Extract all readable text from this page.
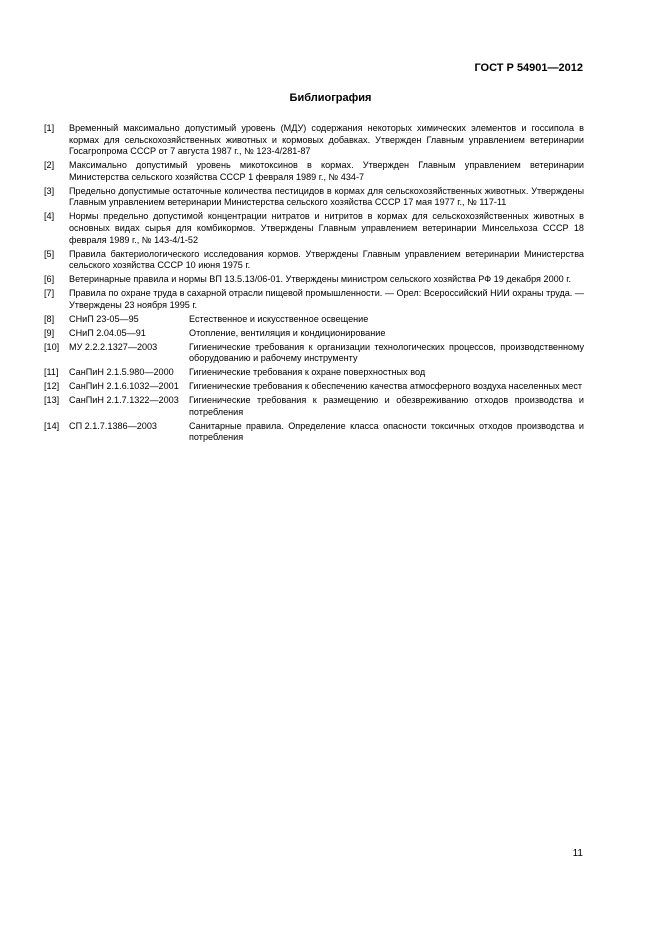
ГОСТ Р 54901—2012
Библиография
[1]	Временный максимально допустимый уровень (МДУ) содержания некоторых химических элементов и госсипола в кормах для сельскохозяйственных животных и кормовых добавках. Утвержден Главным управлением ветеринарии Госагропрома СССР от 7 августа 1987 г., № 123-4/281-87
[2]	Максимально допустимый уровень микотоксинов в кормах. Утвержден Главным управлением ветеринарии Министерства сельского хозяйства СССР 1 февраля 1989 г., № 434-7
[3]	Предельно допустимые остаточные количества пестицидов в кормах для сельскохозяйственных животных. Утверждены Главным управлением ветеринарии Министерства сельского хозяйства СССР 17 мая 1977 г., № 117-11
[4]	Нормы предельно допустимой концентрации нитратов и нитритов в кормах для сельскохозяйственных животных в основных видах сырья для комбикормов. Утверждены Главным управлением ветеринарии Минсельхоза СССР 18 февраля 1989 г., № 143-4/1-52
[5]	Правила бактериологического исследования кормов. Утверждены Главным управлением ветеринарии Министерства сельского хозяйства СССР 10 июня 1975 г.
[6]	Ветеринарные правила и нормы ВП 13.5.13/06-01. Утверждены министром сельского хозяйства РФ 19 декабря 2000 г.
[7]	Правила по охране труда в сахарной отрасли пищевой промышленности. — Орел: Всероссийский НИИ охраны труда. — Утверждены 23 ноября 1995 г.
[8]	СНиП 23-05—95	Естественное и искусственное освещение
[9]	СНиП 2.04.05—91	Отопление, вентиляция и кондиционирование
[10]	МУ 2.2.2.1327—2003	Гигиенические требования к организации технологических процессов, производственному оборудованию и рабочему инструменту
[11]	СанПиН 2.1.5.980—2000	Гигиенические требования к охране поверхностных вод
[12]	СанПиН 2.1.6.1032—2001	Гигиенические требования к обеспечению качества атмосферного воздуха населенных мест
[13]	СанПиН 2.1.7.1322—2003	Гигиенические требования к размещению и обезвреживанию отходов производства и потребления
[14]	СП 2.1.7.1386—2003	Санитарные правила. Определение класса опасности токсичных отходов производства и потребления
11
